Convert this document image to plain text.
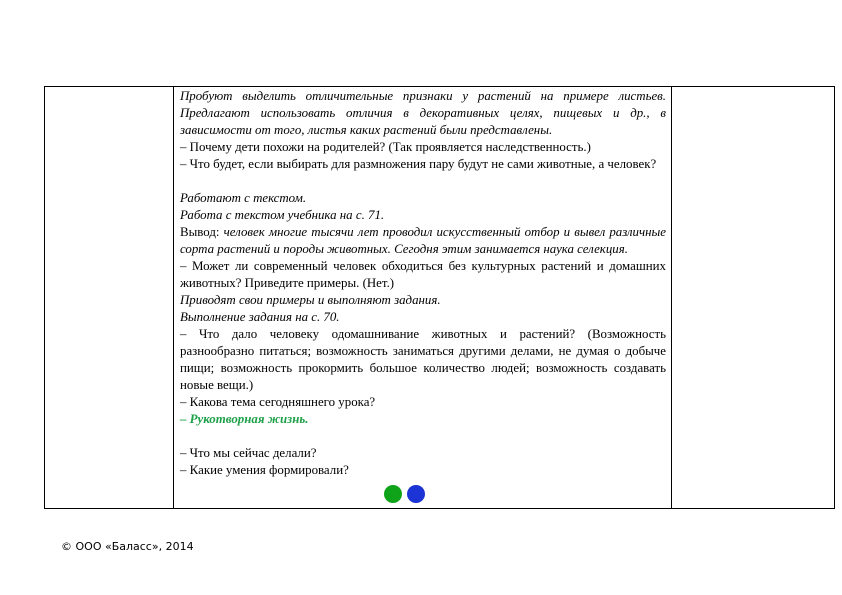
Пробуют выделить отличительные признаки у растений на примере листьев. Предлагают использовать отличия в декоративных целях, пищевых и др., в зависимости от того, листья каких растений были представлены.

– Почему дети похожи на родителей? (Так проявляется наследственность.)

– Что будет, если выбирать для размножения пару будут не сами животные, а человек?

Работают с текстом.

Работа с текстом учебника на с. 71.

Вывод: человек многие тысячи лет проводил искусственный отбор и вывел различные сорта растений и породы животных. Сегодня этим занимается наука селекция.

– Может ли современный человек обходиться без культурных растений и домашних животных? Приведите примеры. (Нет.)

Приводят свои примеры и выполняют задания.

Выполнение задания на с. 70.

– Что дало человеку одомашнивание животных и растений? (Возможность разнообразно питаться; возможность заниматься другими делами, не думая о добыче пищи; возможность прокормить большое количество людей; возможность создавать новые вещи.)

– Какова тема сегодняшнего урока?

– Рукотворная жизнь.

– Что мы сейчас делали?

– Какие умения формировали?

© ООО «Баласс», 2014
